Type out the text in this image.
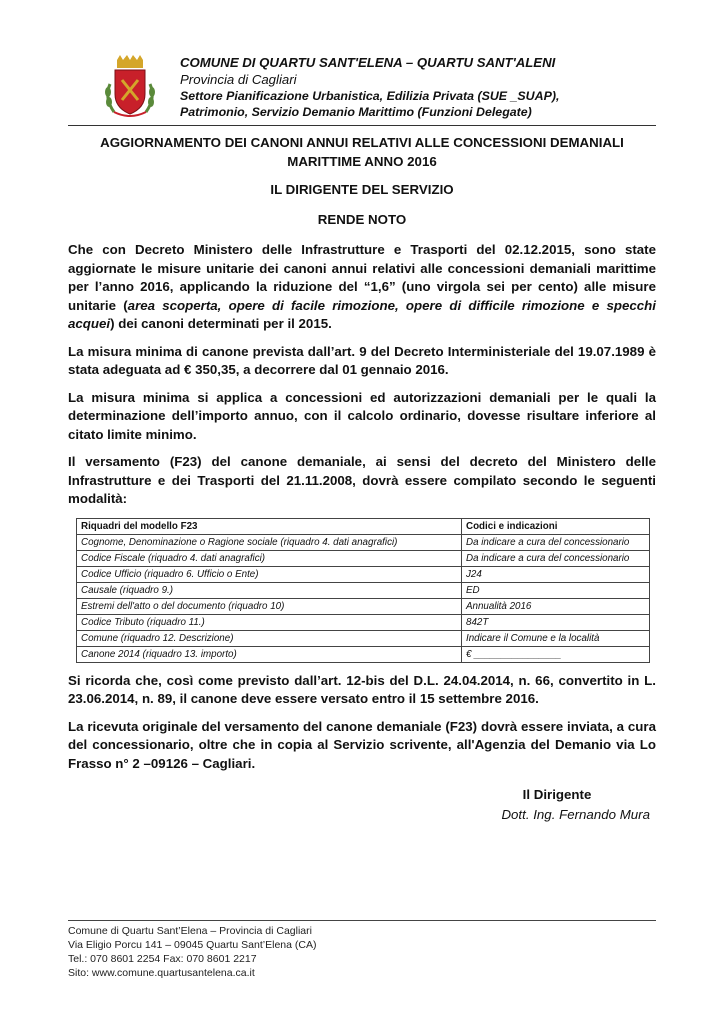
COMUNE DI QUARTU SANT'ELENA – QUARTU SANT'ALENI
Provincia di Cagliari
Settore Pianificazione Urbanistica, Edilizia Privata (SUE _SUAP),
Patrimonio, Servizio Demanio Marittimo (Funzioni Delegate)
AGGIORNAMENTO DEI CANONI ANNUI RELATIVI ALLE CONCESSIONI DEMANIALI
MARITTIME ANNO 2016
IL DIRIGENTE DEL SERVIZIO
RENDE NOTO
Che con Decreto Ministero delle Infrastrutture e Trasporti del 02.12.2015, sono state aggiornate le misure unitarie dei canoni annui relativi alle concessioni demaniali marittime per l’anno 2016, applicando la riduzione del “1,6” (uno virgola sei per cento) alle misure unitarie (area scoperta, opere di facile rimozione, opere di difficile rimozione e specchi acquei) dei canoni determinati per il 2015.
La misura minima di canone prevista dall’art. 9 del Decreto Interministeriale del 19.07.1989 è stata adeguata ad € 350,35, a decorrere dal 01 gennaio 2016.
La misura minima si applica a concessioni ed autorizzazioni demaniali per le quali la determinazione dell’importo annuo, con il calcolo ordinario, dovesse risultare inferiore al citato limite minimo.
Il versamento (F23) del canone demaniale, ai sensi del decreto del Ministero delle Infrastrutture e dei Trasporti del 21.11.2008, dovrà essere compilato secondo le seguenti modalità:
Riquadri del modello F23	Codici e indicazioni
Cognome, Denominazione o Ragione sociale (riquadro 4. dati anagrafici)	Da indicare a cura del concessionario
Codice Fiscale (riquadro 4. dati anagrafici)	Da indicare a cura del concessionario
Codice Ufficio (riquadro 6. Ufficio o Ente)	J24
Causale (riquadro 9.)	ED
Estremi dell'atto o del documento (riquadro 10)	Annualità 2016
Codice Tributo (riquadro 11.)	842T
Comune (riquadro 12. Descrizione)	Indicare il Comune e la località
Canone 2014 (riquadro 13. importo)	€ ________________
Si ricorda che, così come previsto dall’art. 12-bis del D.L. 24.04.2014, n. 66, convertito in L. 23.06.2014, n. 89, il canone deve essere versato entro il 15 settembre 2016.
La ricevuta originale del versamento del canone demaniale (F23) dovrà essere inviata, a cura del concessionario, oltre che in copia al Servizio scrivente, all'Agenzia del Demanio via Lo Frasso n° 2 –09126 – Cagliari.
Il Dirigente
Dott. Ing. Fernando Mura
Comune di Quartu Sant’Elena – Provincia di Cagliari
Via Eligio Porcu 141 – 09045 Quartu Sant’Elena (CA)
Tel.: 070 8601 2254 Fax: 070 8601 2217
Sito: www.comune.quartusantelena.ca.it
